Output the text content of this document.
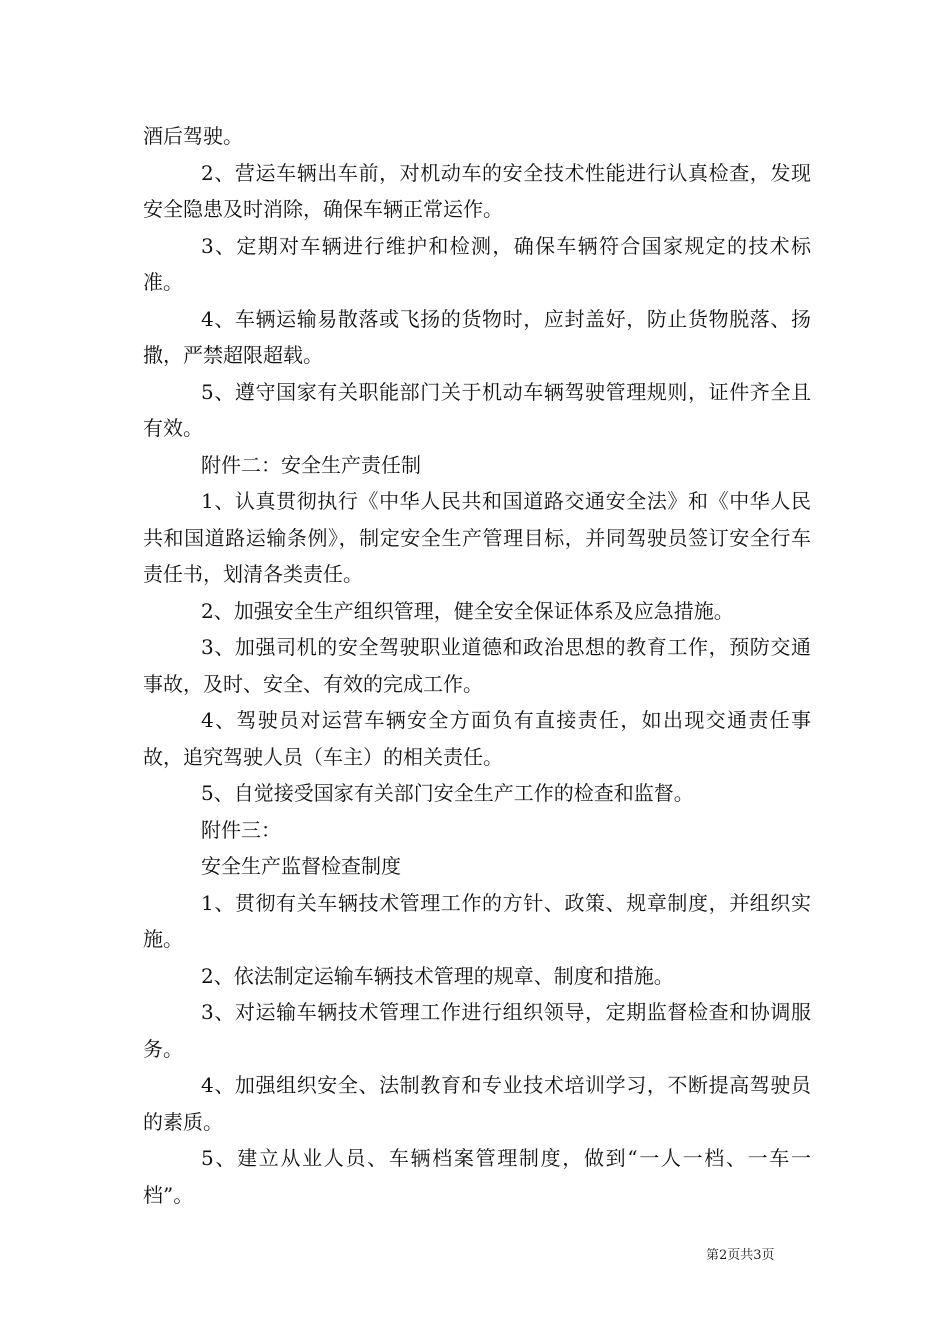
酒后驾驶。

2、营运车辆出车前，对机动车的安全技术性能进行认真检查，发现安全隐患及时消除，确保车辆正常运作。

3、定期对车辆进行维护和检测，确保车辆符合国家规定的技术标准。

4、车辆运输易散落或飞扬的货物时，应封盖好，防止货物脱落、扬撒，严禁超限超载。

5、遵守国家有关职能部门关于机动车辆驾驶管理规则，证件齐全且有效。

附件二：安全生产责任制

1、认真贯彻执行《中华人民共和国道路交通安全法》和《中华人民共和国道路运输条例》，制定安全生产管理目标，并同驾驶员签订安全行车责任书，划清各类责任。

2、加强安全生产组织管理，健全安全保证体系及应急措施。

3、加强司机的安全驾驶职业道德和政治思想的教育工作，预防交通事故，及时、安全、有效的完成工作。

4、驾驶员对运营车辆安全方面负有直接责任，如出现交通责任事故，追究驾驶人员（车主）的相关责任。

5、自觉接受国家有关部门安全生产工作的检查和监督。

附件三：

安全生产监督检查制度

1、贯彻有关车辆技术管理工作的方针、政策、规章制度，并组织实施。

2、依法制定运输车辆技术管理的规章、制度和措施。

3、对运输车辆技术管理工作进行组织领导，定期监督检查和协调服务。

4、加强组织安全、法制教育和专业技术培训学习，不断提高驾驶员的素质。

5、建立从业人员、车辆档案管理制度，做到“一人一档、一车一档”。

第2页共3页
